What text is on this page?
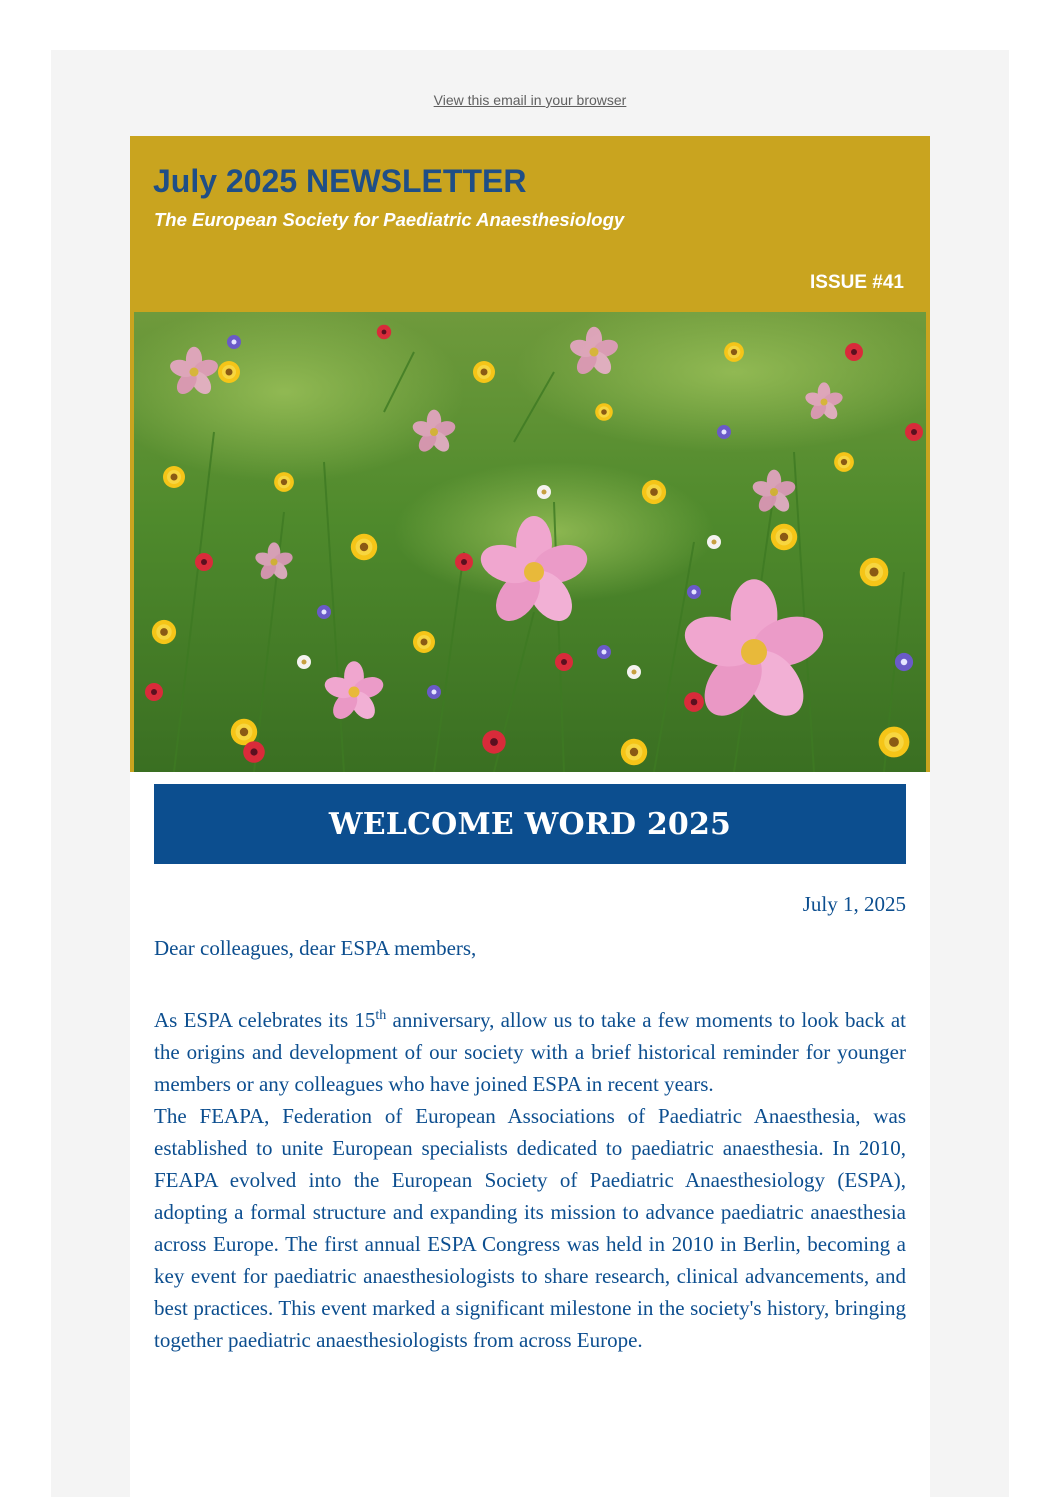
View this email in your browser
July 2025 NEWSLETTER
The European Society for Paediatric Anaesthesiology
ISSUE #41
WELCOME WORD 2025
July 1, 2025
Dear colleagues, dear ESPA members,

As ESPA celebrates its 15th anniversary, allow us to take a few moments to look back at the origins and development of our society with a brief historical reminder for younger members or any colleagues who have joined ESPA in recent years.

The FEAPA, Federation of European Associations of Paediatric Anaesthesia, was established to unite European specialists dedicated to paediatric anaesthesia. In 2010, FEAPA evolved into the European Society of Paediatric Anaesthesiology (ESPA), adopting a formal structure and expanding its mission to advance paediatric anaesthesia across Europe. The first annual ESPA Congress was held in 2010 in Berlin, becoming a key event for paediatric anaesthesiologists to share research, clinical advancements, and best practices. This event marked a significant milestone in the society's history, bringing together paediatric anaesthesiologists from across Europe.
